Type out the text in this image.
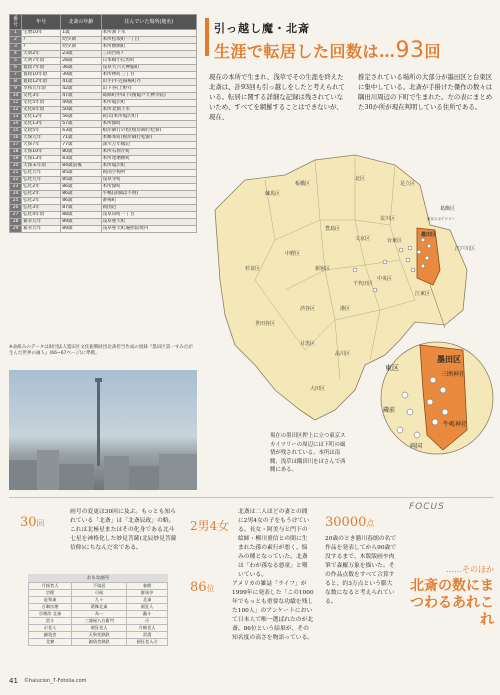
番号	年号	北斎の年齢	住んでいた場所(地名)
1	宝暦10年	1歳	本所割下水
2	?	幼少期	本所松坂町一丁目
3	?	幼少期	本所横網町
4	天明2年	23歳	三田台町?
5	天明7年頃	28歳	日本橋小伝馬町
6	寛政7年頃	36歳	浅草大六天神脇町
7	寛政10年頃	39歳	本所林町三丁目
8	寛政12年頃	41歳	山手(牛込揚場町?)
9	享和元年頃	42歳	山下谷(上野?)
10	文化3年	47歳	葛飾町中田下(後亀戸天神寺院)
11	文化5年頃	49歳	本所亀沢町
12	文化6年頃	50歳	本所北割下水
13	文化12年	56歳	鉈山(本所亀沢町)
14	文化13年	57歳	本所緑町
15	文政5年	63歳	根岸御行の松(根岸御行松寮)
16	天保元年	71歳	本郷本町(根岸御行松寮)
17	天保7年	77歳	深川万年橋辺
18	天保10年	80歳	本所石原片町
19	天保13年	83歳	本所達磨横町
20	天保末年頃	84歳前後	本所亀沢町
21	弘化元年	85歳	両国小梅村
22	弘化元年	85歳	浅草寺町
23	弘化2年	86歳	本所緑町
24	弘化2年	86歳	牛嶋(詳細は不明)
25	弘化2年	86歳	番場町
26	弘化3年	87歳	両国辺
27	弘化4年頃	88歳	浅草田町一丁目
28	嘉永元年	89歳	浅草聖天町
29	嘉永元年	89歳	浅草聖天町遍照院境内
※表組みのデータは財団法人墨田区文化振興財団北斎担当作成の図録『墨田区第一すみだが生んだ世界の画人』(66~67ページ)に準拠。
引っ越し魔・北斎
生涯で転居した回数は…93回
現在の本所で生まれ、浅草でその生涯を終えた北斎は、計93回も引っ越しをしたと考えられている。転居に関する詳細な記録は残されていないため、すべてを網羅することはできないが、現在、
推定されている場所の大部分が墨田区と台東区に集中している。北斎が手掛けた傑作の数々は隅田川周辺の下町で生まれた。左の表にまとめた30か所が現在判明している住所である。
練馬区
板橋区
北区
足立区
葛飾区
荒川区
杉並区
中野区
新宿区
豊島区
文京区	台東区
墨田区
江東区
江戸川区
世田谷区
渋谷区	港区
千代田区
中央区
目黒区
品川区
大田区
東京スカイツリー
墨田区
三囲神社
東区
牛嶋神社
蔵前
両国
現在の墨田区押上に立つ東京スカイツリーの周辺には下町の風情が残されている。本所は南側、浅草は隅田川をはさんで西側にある。
30回
画号の変更は30回に及ぶ。もっとも知られている「北斎」は「北斎辰政」の略。これは北極星またはその化身である北斗七星を神格化した妙見菩薩(北辰妙見菩薩信仰)にちなんだ名である。
おもな画号
月桜者人	不染居	春朗
宗理	可候	群馬亭
是和斎	九々	北斎
百琳宗理	葛飾北斎	画狂人
宗理改 北斎	為一	戴斗
雷斗	三浦屋八右衛門	卍
卍老人	画狂老人	月痴老人
錦袋舎	天狗堂熱鉄	雷震
北寮	錦袋舎熱鉄	画狂老人卍
2男4女
北斎は二人ほどの妻との間に2男4女の子をもうけている。長女・阿美与と門下の絵師・柳川重信との間に生まれた孫の素行が悪く、悩みの種となっていた。北斎は「わが孫なる悪童」と嘆いている。
86位	アメリカの雑誌「ライフ」が1999年に発表した「この1000年でもっとも重要な功績を残した100人」のアンケートにおいて日本人で唯一選ばれたのが北斎。86位という結果が、その知名度の高さを物語っている。
30000点
20歳のとき勝川春朗の名で作品を発表してから90歳で没するまで、木版版画や肉筆で森羅万象を描いた。その作品点数をすべて合算すると、約3万点という膨大な数になると考えられている。
FOCUS
……そのほか
北斎の数にまつわるあれこれ
41 ©halucion_7-Fotolia.com
